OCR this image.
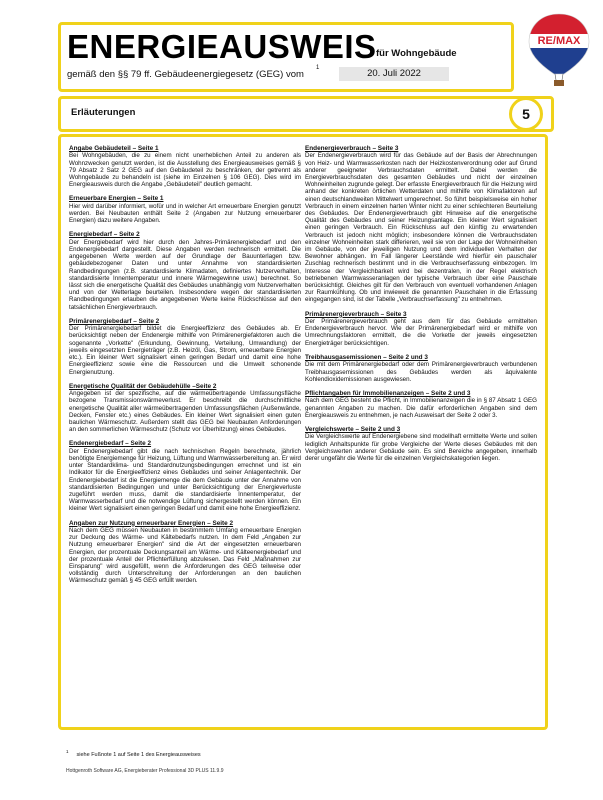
ENERGIEAUSWEIS für Wohngebäude
gemäß den §§ 79 ff. Gebäudeenergiegesetz (GEG) vom
1	20. Juli 2022
RE/MAX
Erläuterungen	5
Angabe Gebäudeteil – Seite 1

Bei Wohngebäuden, die zu einem nicht unerheblichen Anteil zu anderen als Wohnzwecken genutzt werden, ist die Ausstellung des Energieausweises gemäß § 79 Absatz 2 Satz 2 GEG auf den Gebäudeteil zu beschränken, der getrennt als Wohngebäude zu behandeln ist (siehe im Einzelnen § 106 GEG). Dies wird im Energieausweis durch die Angabe „Gebäudeteil" deutlich gemacht.

Erneuerbare Energien – Seite 1

Hier wird darüber informiert, wofür und in welcher Art erneuerbare Energien genutzt werden. Bei Neubauten enthält Seite 2 (Angaben zur Nutzung erneuerbarer Energien) dazu weitere Angaben.

Energiebedarf – Seite 2

Der Energiebedarf wird hier durch den Jahres-Primärenergiebedarf und den Endenergiebedarf dargestellt. Diese Angaben werden rechnerisch ermittelt. Die angegebenen Werte werden auf der Grundlage der Bauunterlagen bzw. gebäudebezogener Daten und unter Annahme von standardisierten Randbedingungen (z.B. standardisierte Klimadaten, definiertes Nutzerverhalten, standardisierte Innentemperatur und innere Wärmegewinne usw.) berechnet. So lässt sich die energetische Qualität des Gebäudes unabhängig vom Nutzerverhalten und von der Wetterlage beurteilen. Insbesondere wegen der standardisierten Randbedingungen erlauben die angegebenen Werte keine Rückschlüsse auf den tatsächlichen Energieverbrauch.

Primärenergiebedarf – Seite 2

Der Primärenergiebedarf bildet die Energieeffizienz des Gebäudes ab. Er berücksichtigt neben der Endenergie mithilfe von Primärenergiefaktoren auch die sogenannte „Vorkette" (Erkundung, Gewinnung, Verteilung, Umwandlung) der jeweils eingesetzten Energieträger (z.B. Heizöl, Gas, Strom, erneuerbare Energien etc.). Ein kleiner Wert signalisiert einen geringen Bedarf und damit eine hohe Energieeffizienz sowie eine die Ressourcen und die Umwelt schonende Energienutzung.

Energetische Qualität der Gebäudehülle –Seite 2

Angegeben ist der spezifische, auf die wärmeübertragende Umfassungsfläche bezogene Transmissionswärmeverlust. Er beschreibt die durchschnittliche energetische Qualität aller wärmeübertragenden Umfassungsflächen (Außenwände, Decken, Fenster etc.) eines Gebäudes. Ein kleiner Wert signalisiert einen guten baulichen Wärmeschutz. Außerdem stellt das GEG bei Neubauten Anforderungen an den sommerlichen Wärmeschutz (Schutz vor Überhitzung) eines Gebäudes.

Endenergiebedarf – Seite 2

Der Endenergiebedarf gibt die nach technischen Regeln berechnete, jährlich benötigte Energiemenge für Heizung, Lüftung und Warmwasserbereitung an. Er wird unter Standardklima- und Standardnutzungsbedingungen errechnet und ist ein Indikator für die Energieeffizienz eines Gebäudes und seiner Anlagentechnik. Der Endenergiebedarf ist die Energiemenge die dem Gebäude unter der Annahme von standardisierten Bedingungen und unter Berücksichtigung der Energieverluste zugeführt werden muss, damit die standardisierte Innentemperatur, der Warmwasserbedarf und die notwendige Lüftung sichergestellt werden können. Ein kleiner Wert signalisiert einen geringen Bedarf und damit eine hohe Energieeffizienz.

Angaben zur Nutzung erneuerbarer Energien – Seite 2

Nach dem GEG müssen Neubauten in bestimmtem Umfang erneuerbare Energien zur Deckung des Wärme- und Kältebedarfs nutzen. In dem Feld „Angaben zur Nutzung erneuerbarer Energien" sind die Art der eingesetzten erneuerbaren Energien, der prozentuale Deckungsanteil am Wärme- und Kälteenergiebedarf und der prozentuale Anteil der Pflichterfüllung abzulesen. Das Feld „Maßnahmen zur Einsparung" wird ausgefüllt, wenn die Anforderungen des GEG teilweise oder vollständig durch Unterschreitung der Anforderungen an den baulichen Wärmeschutz gemäß § 45 GEG erfüllt werden.

Endenergieverbrauch – Seite 3

Der Endenergieverbrauch wird für das Gebäude auf der Basis der Abrechnungen von Heiz- und Warmwasserkosten nach der Heizkostenverordnung oder auf Grund anderer geeigneter Verbrauchsdaten ermittelt. Dabei werden die Energieverbrauchsdaten des gesamten Gebäudes und nicht der einzelnen Wohneinheiten zugrunde gelegt. Der erfasste Energieverbrauch für die Heizung wird anhand der konkreten örtlichen Wetterdaten und mithilfe von Klimafaktoren auf einen deutschlandweiten Mittelwert umgerechnet. So führt beispielsweise ein hoher Verbrauch in einem einzelnen harten Winter nicht zu einer schlechteren Beurteilung des Gebäudes. Der Endenergieverbrauch gibt Hinweise auf die energetische Qualität des Gebäudes und seiner Heizungsanlage. Ein kleiner Wert signalisiert einen geringen Verbrauch. Ein Rückschluss auf den künftig zu erwartenden Verbrauch ist jedoch nicht möglich; insbesondere können die Verbrauchsdaten einzelner Wohneinheiten stark differieren, weil sie von der Lage der Wohneinheiten im Gebäude, von der jeweiligen Nutzung und dem individuellen Verhalten der Bewohner abhängen. Im Fall längerer Leerstände wird hierfür ein pauschaler Zuschlag rechnerisch bestimmt und in die Verbrauchserfassung einbezogen. Im Interesse der Vergleichbarkeit wird bei dezentralen, in der Regel elektrisch betriebenen Warmwasseranlagen der typische Verbrauch über eine Pauschale berücksichtigt. Gleiches gilt für den Verbrauch von eventuell vorhandenen Anlagen zur Raumkühlung. Ob und inwieweit die genannten Pauschalen in die Erfassung eingegangen sind, ist der Tabelle „Verbrauchserfassung" zu entnehmen.

Primärenergieverbrauch – Seite 3

Der Primärenergieverbrauch geht aus dem für das Gebäude ermittelten Endenergieverbrauch hervor. Wie der Primärenergiebedarf wird er mithilfe von Umrechnungsfaktoren ermittelt, die die Vorkette der jeweils eingesetzten Energieträger berücksichtigen.

Treibhausgasemissionen – Seite 2 und 3

Die mit dem Primärenergiebedarf oder dem Primärenergieverbrauch verbundenen Treibhausgasemissionen des Gebäudes werden als äquivalente Kohlendioxidemissionen ausgewiesen.

Pflichtangaben für Immobilienanzeigen – Seite 2 und 3

Nach dem GEG besteht die Pflicht, in Immobilienanzeigen die in § 87 Absatz 1 GEG genannten Angaben zu machen. Die dafür erforderlichen Angaben sind dem Energieausweis zu entnehmen, je nach Ausweisart der Seite 2 oder 3.

Vergleichswerte – Seite 2 und 3

Die Vergleichswerte auf Endenergiebene sind modellhaft ermittelte Werte und sollen lediglich Anhaltspunkte für grobe Vergleiche der Werte dieses Gebäudes mit den Vergleichswerten anderer Gebäude sein. Es sind Bereiche angegeben, innerhalb derer ungefähr die Werte für die einzelnen Vergleichskategorien liegen.

$^1$siehe Fußnote 1 auf Seite 1 des Energieausweises
Hottgenroth Software AG, Energieberater Professional 3D PLUS 11.9.9
